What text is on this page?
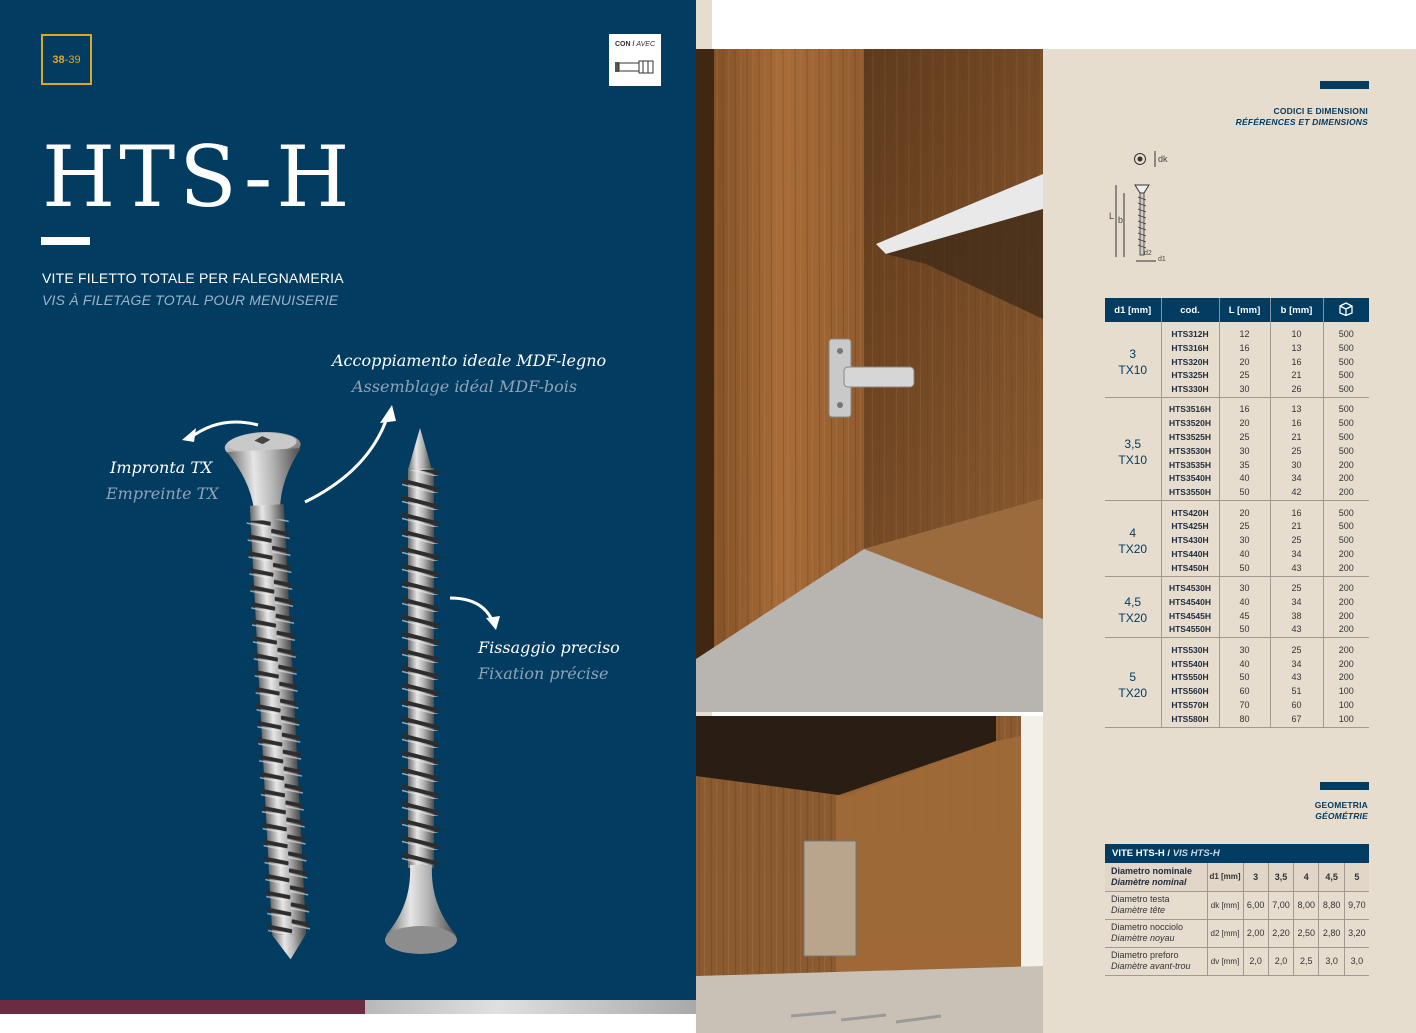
38 - 39
CON / AVEC
HTS-H
VITE FILETTO TOTALE PER FALEGNAMERIA
VIS À FILETAGE TOTAL POUR MENUISERIE
Accoppiamento ideale MDF-legno
Assemblage idéal MDF-bois
Impronta TX
Empreinte TX
Fissaggio preciso
Fixation précise
CODICI E DIMENSIONI
RÉFÉRENCES ET DIMENSIONS
dk
L b
d2
d1
d1 [mm]	cod.	L [mm]	b [mm]	

3
TX10	HTS312H	12	10	500
	HTS316H	16	13	500
	HTS320H	20	16	500
	HTS325H	25	21	500
	HTS330H	30	26	500

3,5
TX10	HTS3516H	16	13	500
	HTS3520H	20	16	500
	HTS3525H	25	21	500
	HTS3530H	30	25	500
	HTS3535H	35	30	200
	HTS3540H	40	34	200
	HTS3550H	50	42	200

4
TX20	HTS420H	20	16	500
	HTS425H	25	21	500
	HTS430H	30	25	500
	HTS440H	40	34	200
	HTS450H	50	43	200

4,5
TX20	HTS4530H	30	25	200
	HTS4540H	40	34	200
	HTS4545H	45	38	200
	HTS4550H	50	43	200

5
TX20	HTS530H	30	25	200
	HTS540H	40	34	200
	HTS550H	50	43	200
	HTS560H	60	51	100
	HTS570H	70	60	100
	HTS580H	80	67	100
GEOMETRIA
GÉOMÉTRIE
VITE HTS-H / VIS HTS-H
Diametro nominale
Diamètre nominal	d1 [mm]	3	3,5	4	4,5	5

Diametro testa
Diamètre tête	dk [mm]	6,00	7,00	8,00	8,80	9,70

Diametro nocciolo
Diamètre noyau	d2 [mm]	2,00	2,20	2,50	2,80	3,20

Diametro preforo
Diamètre avant-trou	dv [mm]	2,0	2,0	2,5	3,0	3,0
